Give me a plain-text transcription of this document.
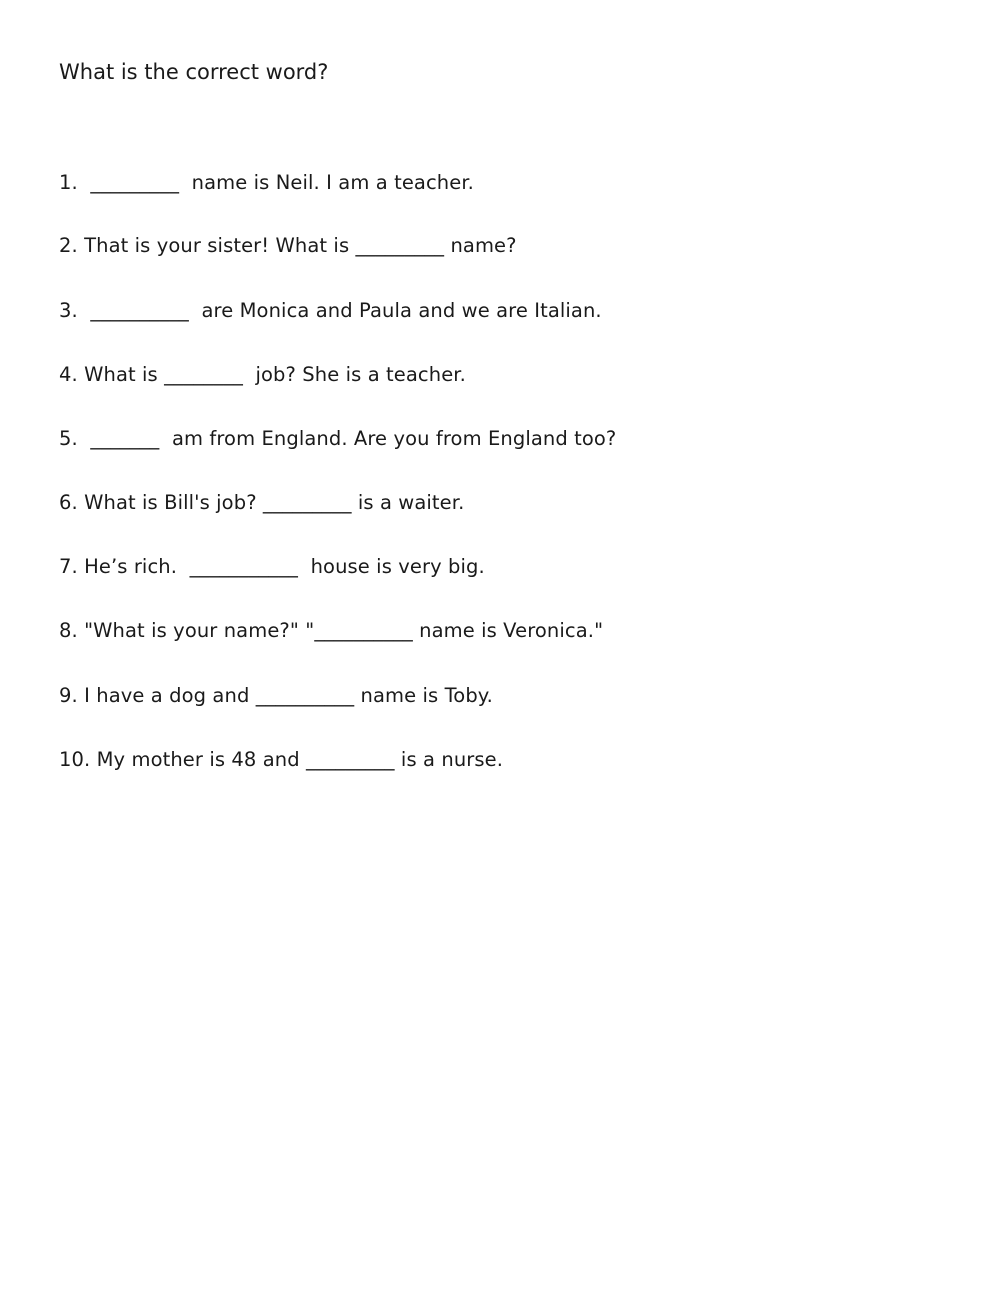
What is the correct word?
1.  _________  name is Neil. I am a teacher.
2. That is your sister! What is _________ name?
3.  __________  are Monica and Paula and we are Italian.
4. What is ________  job? She is a teacher.
5.  _______  am from England. Are you from England too?
6. What is Bill's job? _________ is a waiter.
7. He’s rich.  ___________  house is very big.
8. "What is your name?" "__________ name is Veronica."
9. I have a dog and __________ name is Toby.
10. My mother is 48 and _________ is a nurse.
